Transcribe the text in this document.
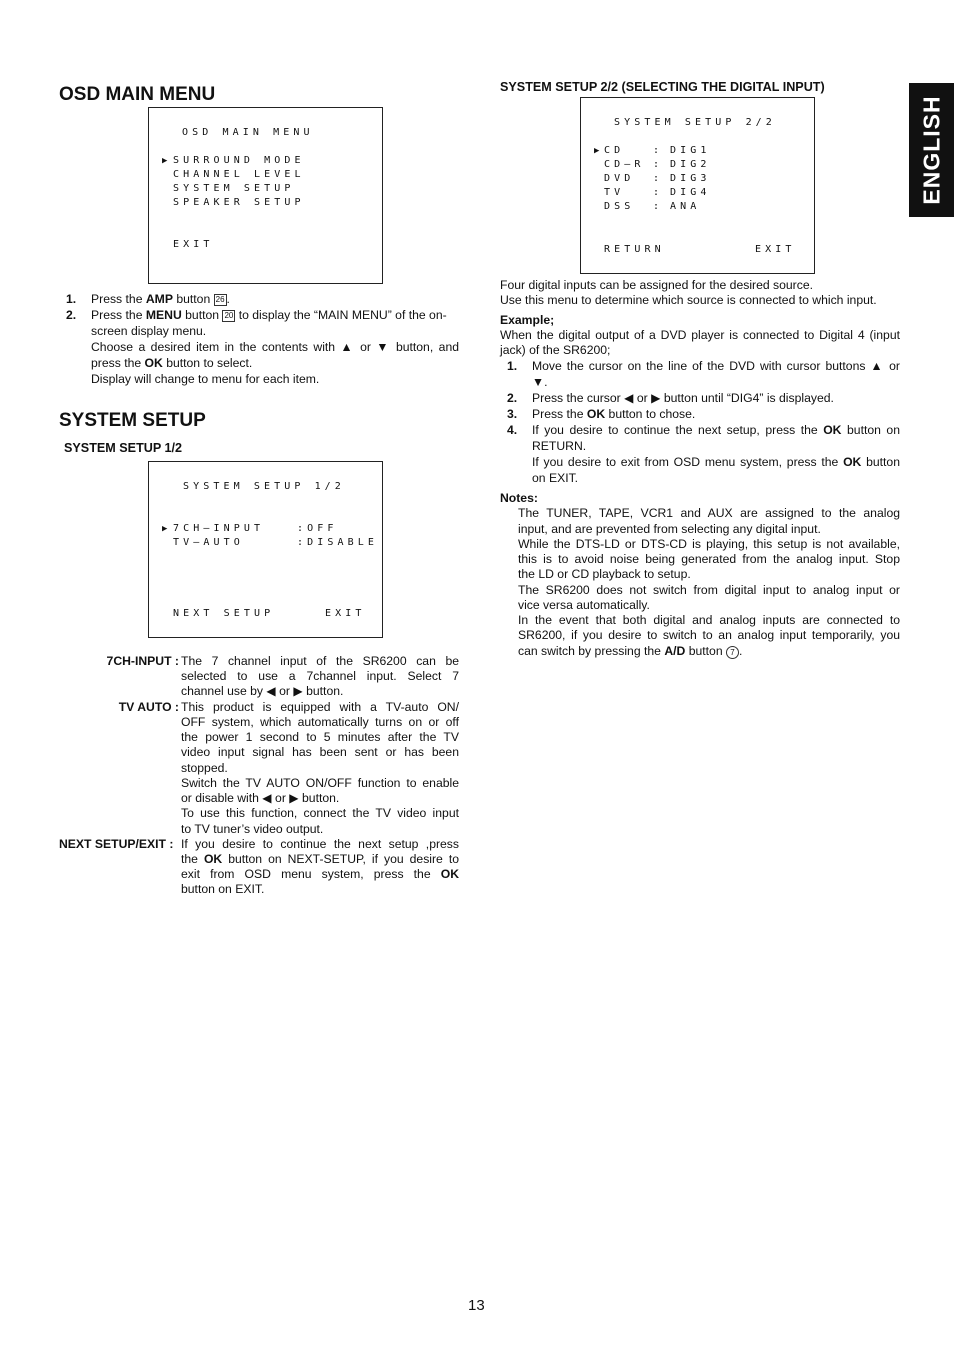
ENGLISH
OSD MAIN MENU
OSD MAIN MENU
▶ SURROUND MODE
CHANNEL LEVEL
SYSTEM SETUP
SPEAKER SETUP
EXIT
1. Press the AMP button 26 .
2. Press the MENU button 20 to display the “MAIN MENU” of the on-
screen display menu.
Choose a desired item in the contents with ▲ or ▼ button, and
press the OK button to select.
Display will change to menu for each item.
SYSTEM SETUP
SYSTEM SETUP 1/2
SYSTEM SETUP 1/2
▶ 7CH–INPUT	:OFF
TV–AUTO	:DISABLE
NEXT SETUP	EXIT
7CH-INPUT : The 7 channel input of the SR6200 can be
selected to use a 7channel input. Select 7
channel use by ◀ or ▶ button.
TV AUTO : This product is equipped with a TV-auto ON/
OFF system, which automatically turns on or off
the power 1 second to 5 minutes after the TV
video input signal has been sent or has been
stopped.
Switch the TV AUTO ON/OFF function to enable
or disable with ◀ or ▶ button.
To use this function, connect the TV video input
to TV tuner’s video output.
NEXT SETUP/EXIT : If you desire to continue the next setup ,press
the OK button on NEXT-SETUP, if you desire to
exit from OSD menu system, press the OK
button on EXIT.
SYSTEM SETUP 2/2 (SELECTING THE DIGITAL INPUT)
SYSTEM SETUP 2/2
▶ CD	: DIG1
CD–R : DIG2
DVD : DIG3
TV	: DIG4
DSS : ANA
RETURN	EXIT
Four digital inputs can be assigned for the desired source.
Use this menu to determine which source is connected to which input.
Example;
When the digital output of a DVD player is connected to Digital 4 (input
jack) of the SR6200;
1. Move the cursor on the line of the DVD with cursor buttons ▲ or
▼.
2. Press the cursor ◀ or ▶ button until “DIG4” is displayed.
3. Press the OK button to chose.
4. If you desire to continue the next setup, press the OK button on
RETURN.
If you desire to exit from OSD menu system, press the OK button
on EXIT.
Notes:
The TUNER, TAPE, VCR1 and AUX are assigned to the analog
input, and are prevented from selecting any digital input.
While the DTS-LD or DTS-CD is playing, this setup is not available,
this is to avoid noise being generated from the analog input. Stop
the LD or CD playback to setup.
The SR6200 does not switch from digital input to analog input or
vice versa automatically.
In the event that both digital and analog inputs are connected to
SR6200, if you desire to switch to an analog input temporarily, you
can switch by pressing the A/D button 7 .
13
